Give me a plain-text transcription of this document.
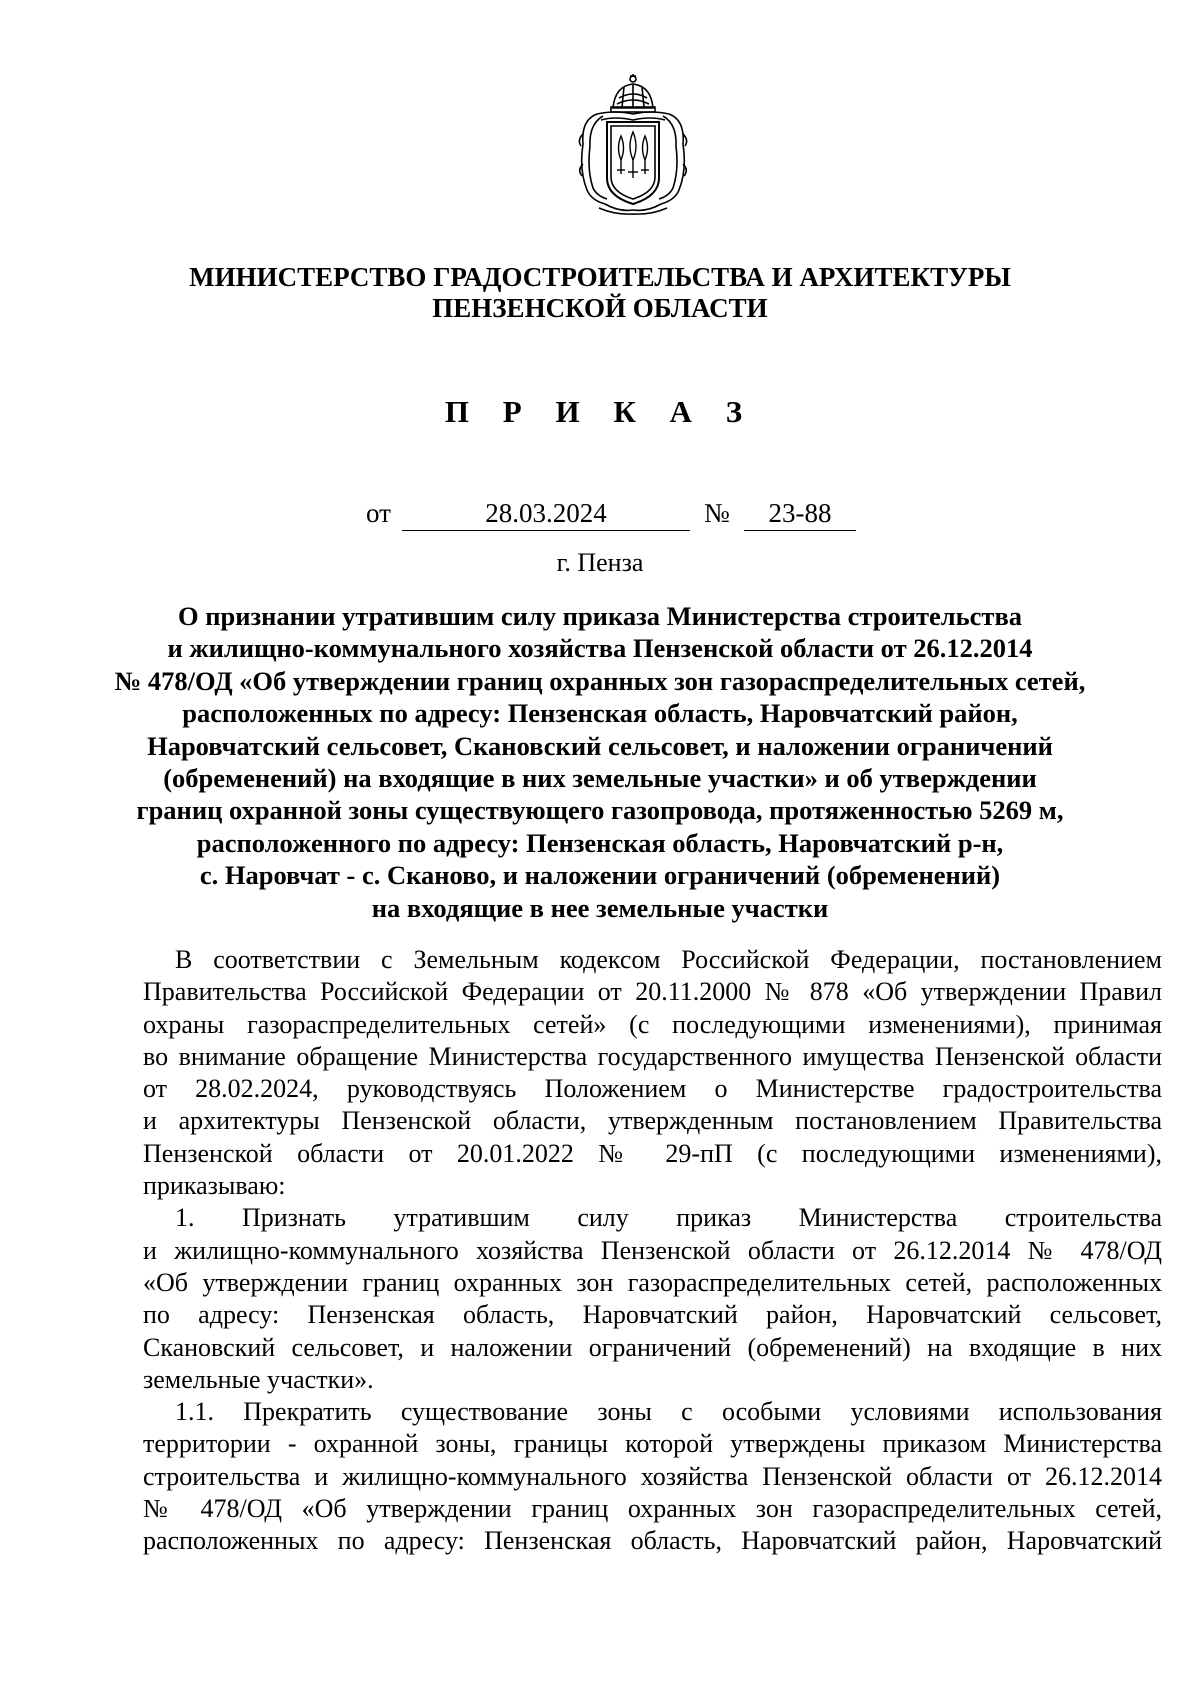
МИНИСТЕРСТВО ГРАДОСТРОИТЕЛЬСТВА И АРХИТЕКТУРЫ
ПЕНЗЕНСКОЙ ОБЛАСТИ
П Р И К А З
от	28.03.2024	№	23-88
г. Пенза
О признании утратившим силу приказа Министерства строительства
и жилищно-коммунального хозяйства Пензенской области от 26.12.2014
№ 478/ОД «Об утверждении границ охранных зон газораспределительных сетей,
расположенных по адресу: Пензенская область, Наровчатский район,
Наровчатский сельсовет, Скановский сельсовет, и наложении ограничений
(обременений) на входящие в них земельные участки» и об утверждении
границ охранной зоны существующего газопровода, протяженностью 5269 м,
расположенного по адресу: Пензенская область, Наровчатский р-н,
с. Наровчат - с. Сканово, и наложении ограничений (обременений)
на входящие в нее земельные участки
В соответствии с Земельным кодексом Российской Федерации, постановлением
Правительства Российской Федерации от 20.11.2000 № 878 «Об утверждении Правил
охраны газораспределительных сетей» (с последующими изменениями), принимая
во внимание обращение Министерства государственного имущества Пензенской области
от 28.02.2024, руководствуясь Положением о Министерстве градостроительства
и архитектуры Пензенской области, утвержденным постановлением Правительства
Пензенской области от 20.01.2022 № 29-пП (с последующими изменениями),
приказываю:
1. Признать утратившим силу приказ Министерства строительства
и жилищно-коммунального хозяйства Пензенской области от 26.12.2014 № 478/ОД
«Об утверждении границ охранных зон газораспределительных сетей, расположенных
по адресу: Пензенская область, Наровчатский район, Наровчатский сельсовет,
Скановский сельсовет, и наложении ограничений (обременений) на входящие в них
земельные участки».
1.1. Прекратить существование зоны с особыми условиями использования
территории - охранной зоны, границы которой утверждены приказом Министерства
строительства и жилищно-коммунального хозяйства Пензенской области от 26.12.2014
№ 478/ОД «Об утверждении границ охранных зон газораспределительных сетей,
расположенных по адресу: Пензенская область, Наровчатский район, Наровчатский
